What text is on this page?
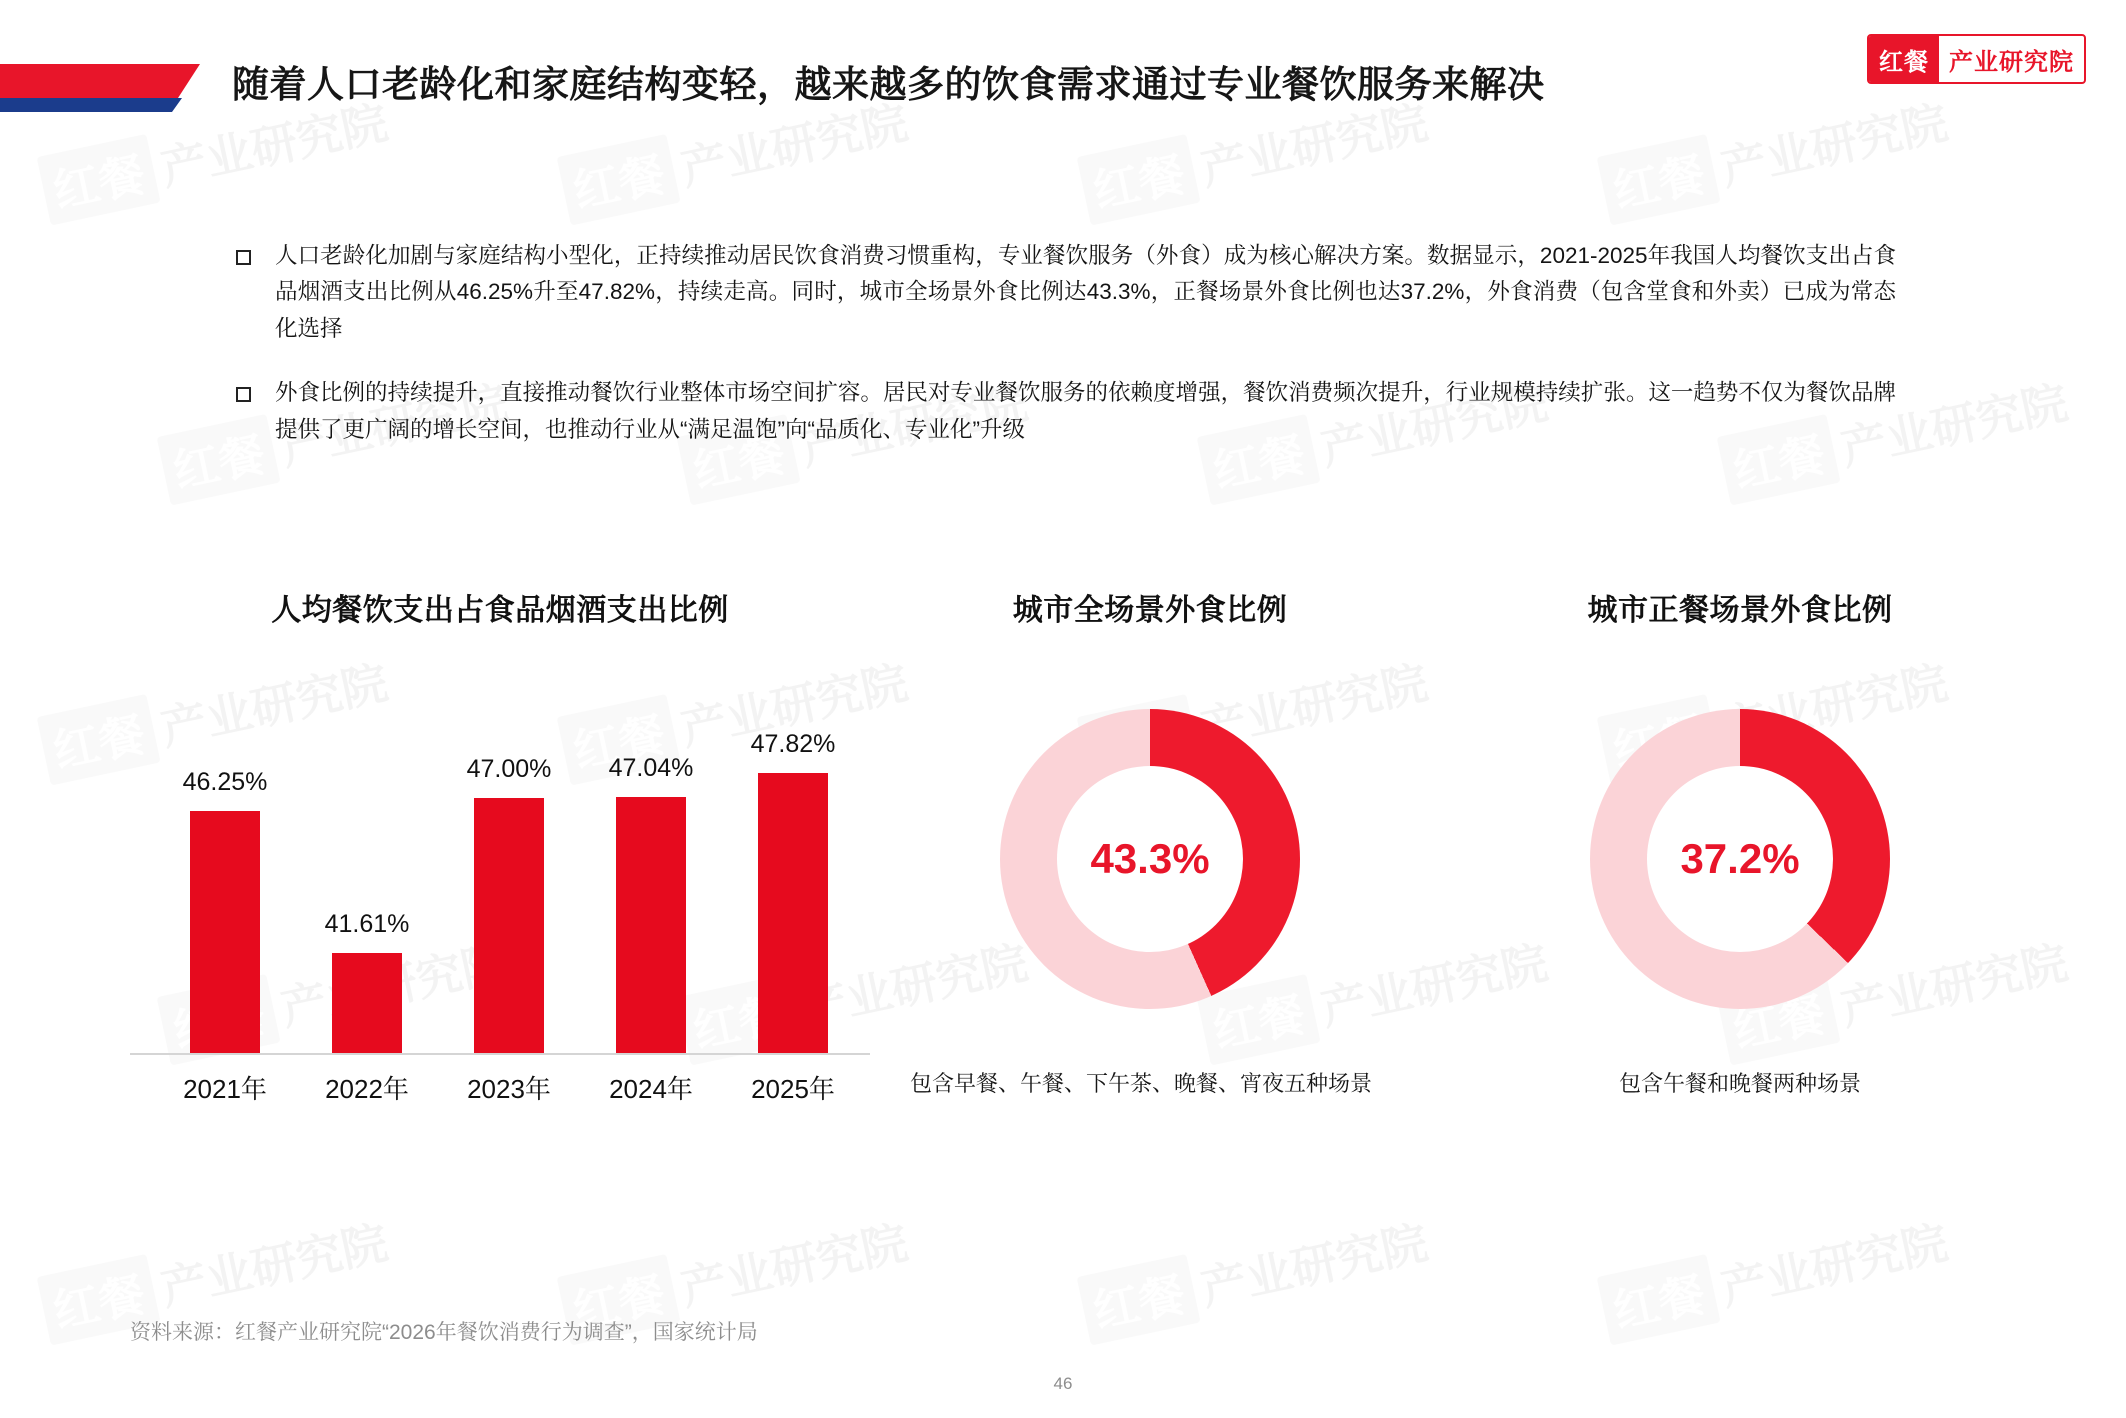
随着人口老龄化和家庭结构变轻，越来越多的饮食需求通过专业餐饮服务来解决
红餐 产业研究院
人口老龄化加剧与家庭结构小型化，正持续推动居民饮食消费习惯重构，专业餐饮服务（外食）成为核心解决方案。数据显示，2021-2025年我国人均餐饮支出占食品烟酒支出比例从46.25%升至47.82%，持续走高。同时，城市全场景外食比例达43.3%，正餐场景外食比例也达37.2%，外食消费（包含堂食和外卖）已成为常态化选择
外食比例的持续提升，直接推动餐饮行业整体市场空间扩容。居民对专业餐饮服务的依赖度增强，餐饮消费频次提升，行业规模持续扩张。这一趋势不仅为餐饮品牌提供了更广阔的增长空间，也推动行业从“满足温饱”向“品质化、专业化”升级
人均餐饮支出占食品烟酒支出比例
46.25%
2021年
41.61%
2022年
47.00%
2023年
47.04%
2024年
47.82%
2025年
城市全场景外食比例
43.3%
包含早餐、午餐、下午茶、晚餐、宵夜五种场景
城市正餐场景外食比例
37.2%
包含午餐和晚餐两种场景
资料来源：红餐产业研究院“2026年餐饮消费行为调查”，国家统计局
46
